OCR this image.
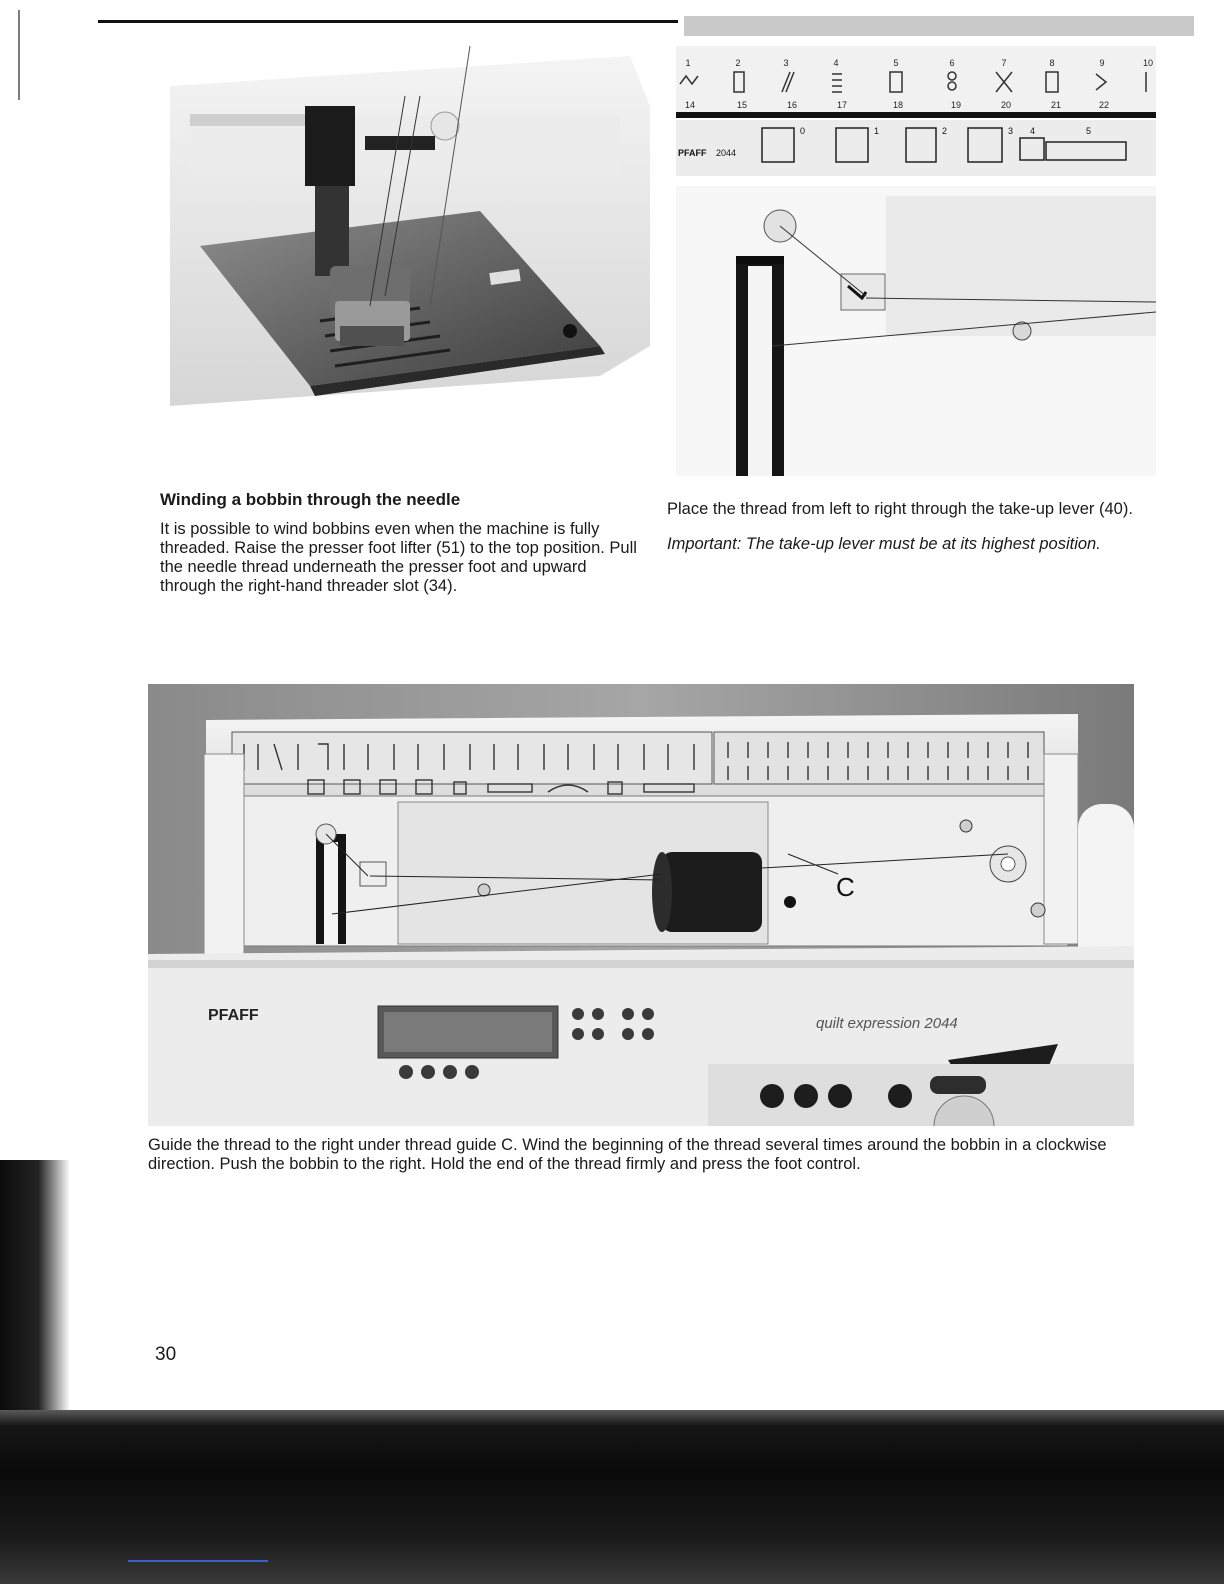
1	2	3	4	5	6	7	8	9	10
14	15	16	17	18	19	20	21	22
PFAFF 2044
0	1	2	3 4	5
Winding a bobbin through the needle

It is possible to wind bobbins even when the machine is fully threaded. Raise the presser foot lifter (51) to the top position. Pull the needle thread underneath the presser foot and upward through the right-hand threader slot (34).

Place the thread from left to right through the take-up lever (40).

Important: The take-up lever must be at its highest position.

C
PFAFF	quilt expression 2044

Guide the thread to the right under thread guide C. Wind the beginning of the thread several times around the bobbin in a clockwise direction. Push the bobbin to the right. Hold the end of the thread firmly and press the foot control.

30
